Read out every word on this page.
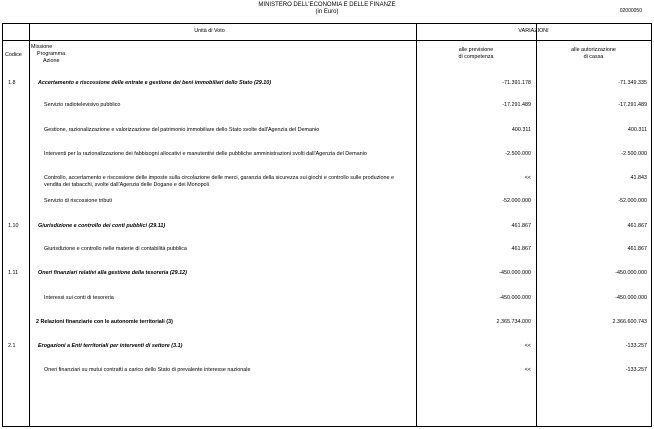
MINISTERO DELL'ECONOMIA E DELLE FINANZE
(in Euro)	02000050
Unità di Voto	VARIAZIONI
Codice
Missione
Programma
Azione
alle previsione
di competenza
alle autorizzazione
di cassa
1.8	Accertamento e riscossione delle entrate e gestione dei beni immobiliari dello Stato (29.10)	-71.391.178	-71.349.335
Servizio radiotelevisivo pubblico	-17.291.489	-17.291.489
Gestione, razionalizzazione e valorizzazione del patrimonio immobiliare dello Stato svolte dall'Agenzia del Demanio	400.311	400.311
Interventi per la razionalizzazione dei fabbisogni allocativi e manutentivi delle pubbliche amministrazioni svolti dall'Agenzia del Demanio	-2.500.000	-2.500.000
Controllo, accertamento e riscossione delle imposte sulla circolazione delle merci, garanzia della sicurezza sui giochi e controllo sulle produzione e vendita dei tabacchi, svolte dall'Agenzia delle Dogane e dei Monopoli
<<	41.843
Servizio di riscossione tributi	-52.000.000	-52.000.000
1.10	Giurisdizione e controllo dei conti pubblici (29.11)	461.867	461.867
Giurisdizione e controllo nelle materie di contabilità pubblica	461.867	461.867
1.11	Oneri finanziari relativi alla gestione della tesoreria (29.12)	-450.000.000	-450.000.000
Interessi sui conti di tesoreria	-450.000.000	-450.000.000
2 Relazioni finanziarie con le autonomie territoriali (3)	2.365.734.000	2.366.600.743
2.1	Erogazioni a Enti territoriali per interventi di settore (3.1)	<<	-133.257
Oneri finanziari su mutui contratti a carico dello Stato di prevalente interesse nazionale	<<	-133.257
